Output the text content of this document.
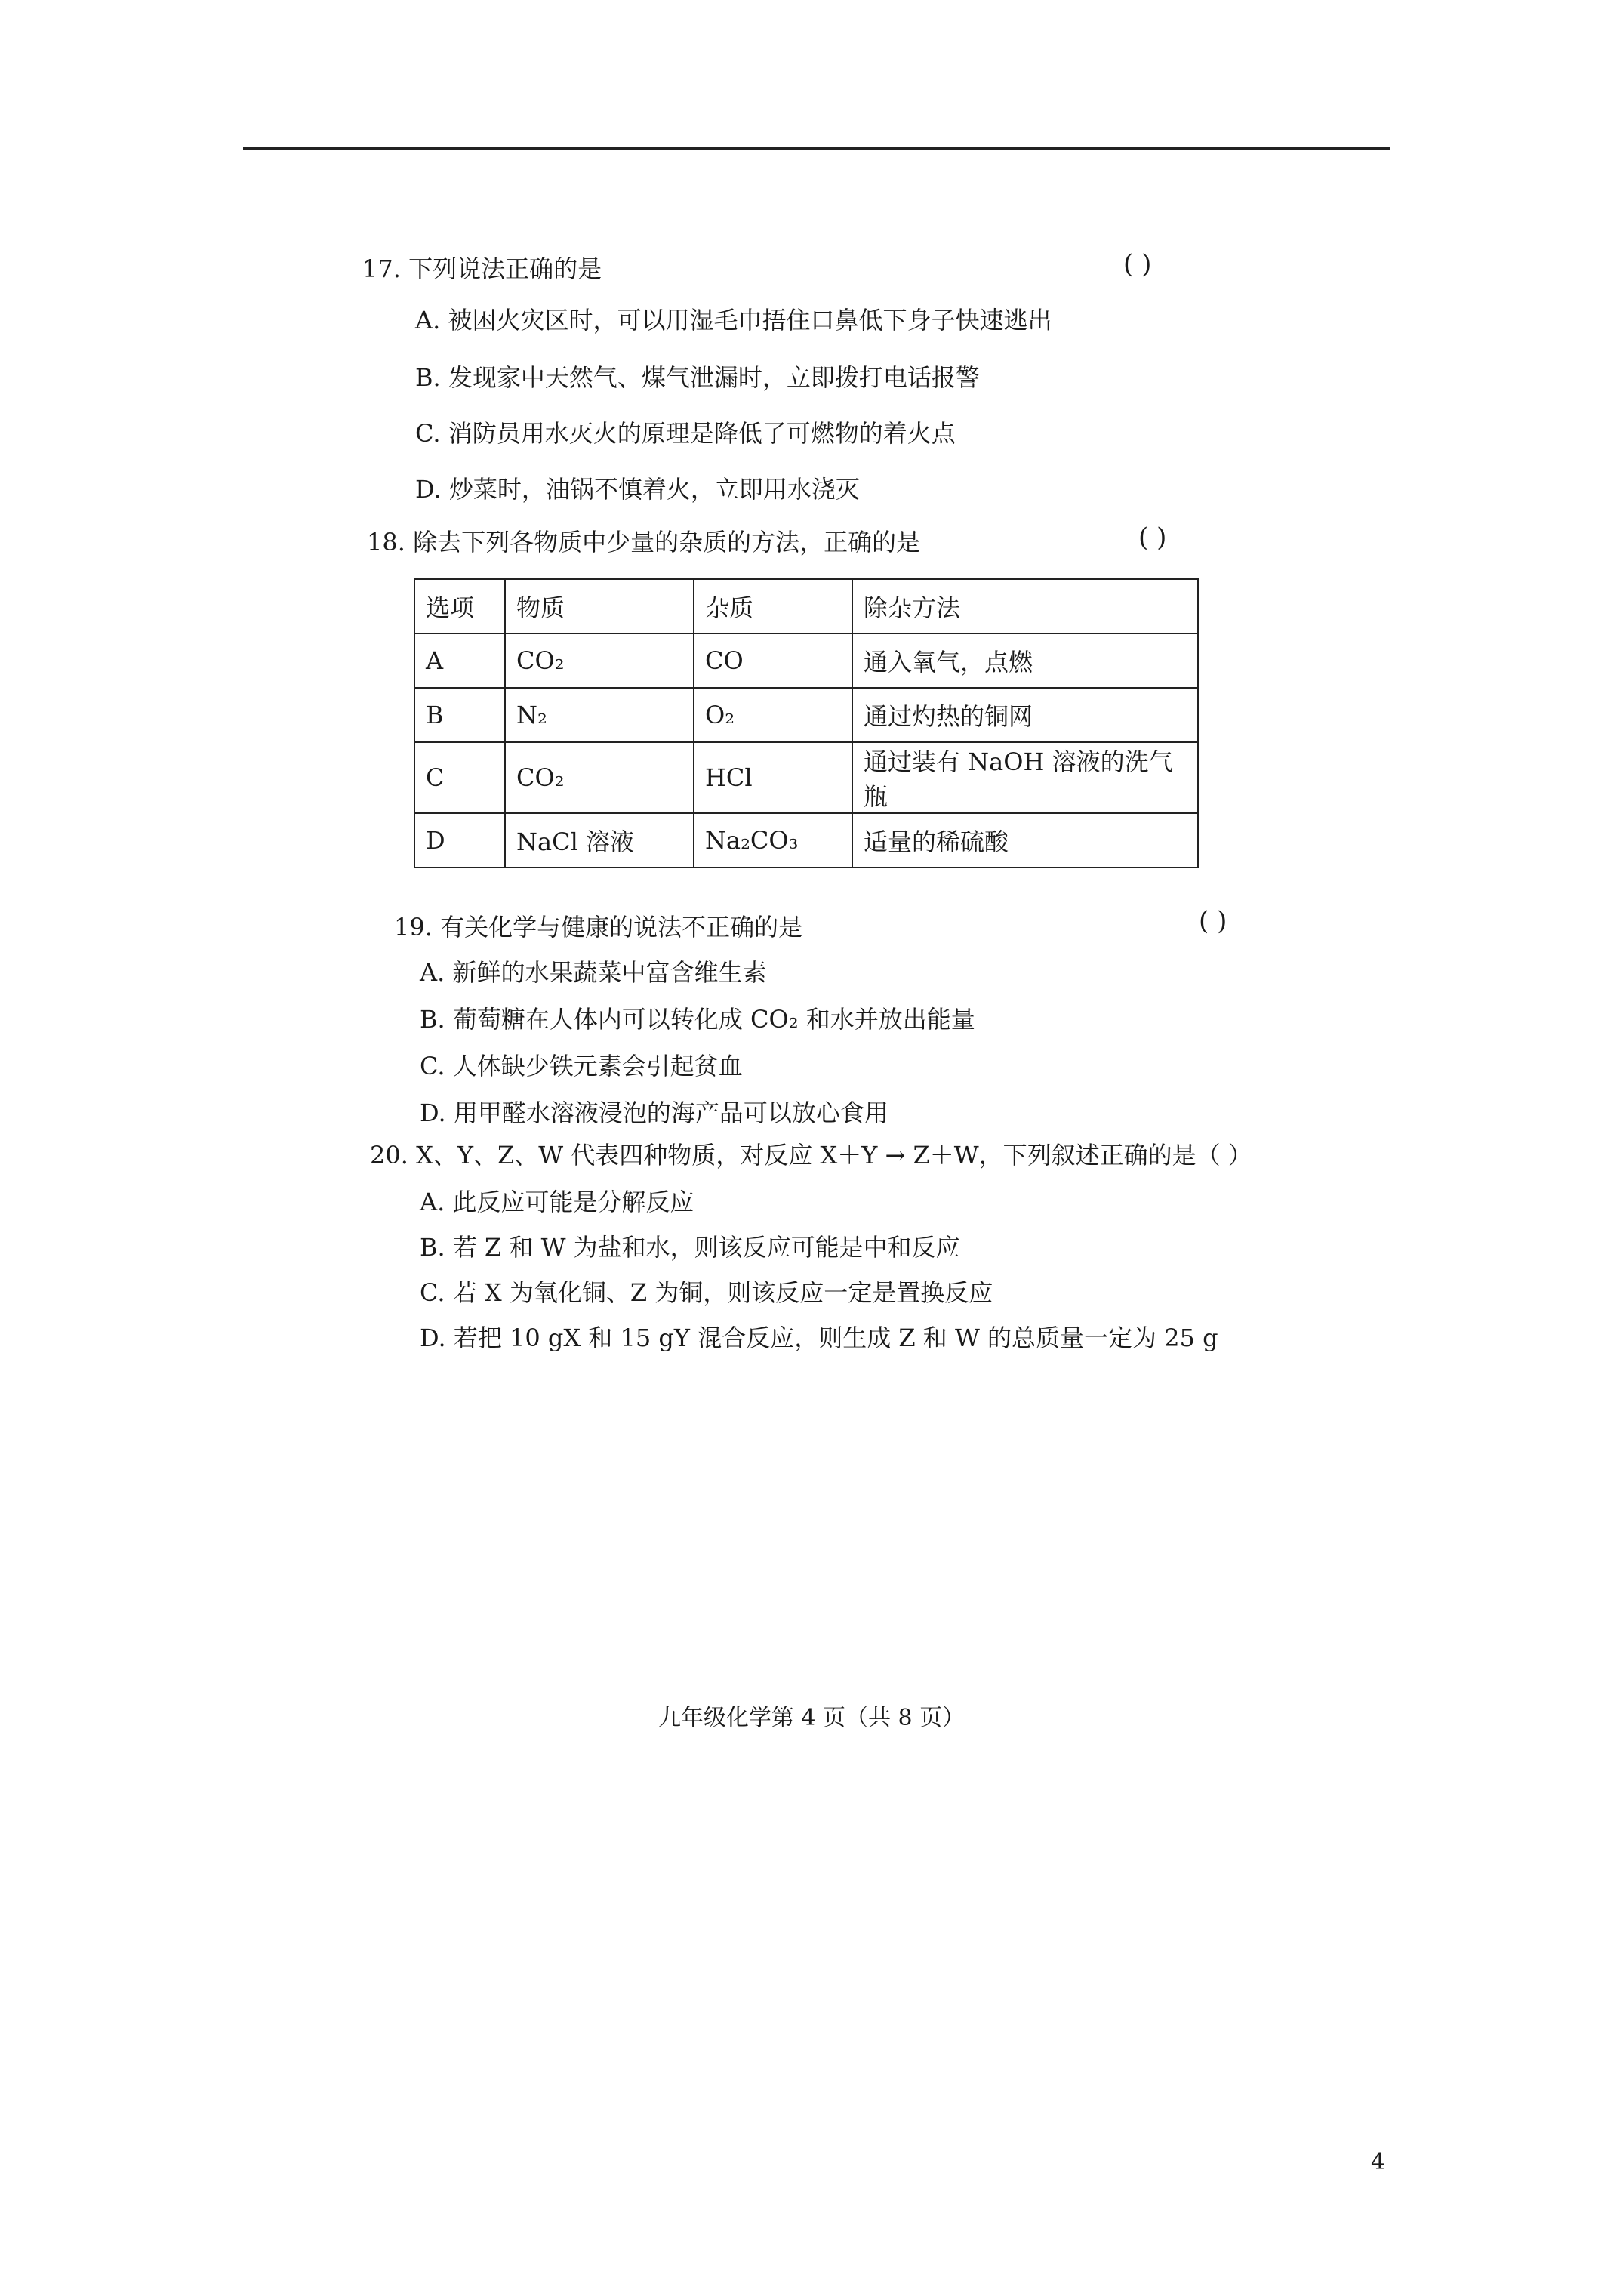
17. 下列说法正确的是	( )
A. 被困火灾区时，可以用湿毛巾捂住口鼻低下身子快速逃出
B. 发现家中天然气、煤气泄漏时，立即拨打电话报警
C. 消防员用水灭火的原理是降低了可燃物的着火点
D. 炒菜时，油锅不慎着火，立即用水浇灭
18. 除去下列各物质中少量的杂质的方法，正确的是	( )
选项	物质	杂质	除杂方法
A	CO₂	CO	通入氧气，点燃
B	N₂	O₂	通过灼热的铜网
C	CO₂	HCl	通过装有 NaOH 溶液的洗气瓶
D	NaCl 溶液	Na₂CO₃	适量的稀硫酸
19. 有关化学与健康的说法不正确的是	( )
A. 新鲜的水果蔬菜中富含维生素
B. 葡萄糖在人体内可以转化成 CO₂ 和水并放出能量
C. 人体缺少铁元素会引起贫血
D. 用甲醛水溶液浸泡的海产品可以放心食用
20. X、Y、Z、W 代表四种物质，对反应 X＋Y → Z＋W，下列叙述正确的是（ ）
A. 此反应可能是分解反应
B. 若 Z 和 W 为盐和水，则该反应可能是中和反应
C. 若 X 为氧化铜、Z 为铜，则该反应一定是置换反应
D. 若把 10 gX 和 15 gY 混合反应，则生成 Z 和 W 的总质量一定为 25 g
九年级化学第 4 页（共 8 页）
4
